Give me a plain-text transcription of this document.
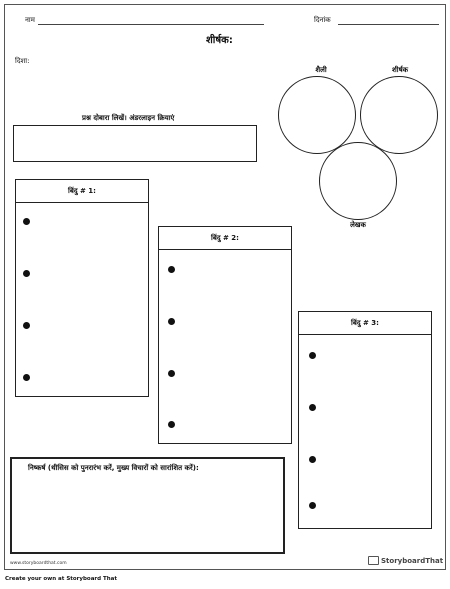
नाम	दिनांक
शीर्षक:
दिशा:
प्रश्न दोबारा लिखें। अंडरलाइन क्रियाएं
शैली	शीर्षक
लेखक
बिंदु # 1:
बिंदु # 2:
बिंदु # 3:
निष्कर्ष (थीसिस को पुनरारंभ करें, मुख्य विचारों को सारांशित करें):
www.storyboardthat.com	StoryboardThat
Create your own at Storyboard That
